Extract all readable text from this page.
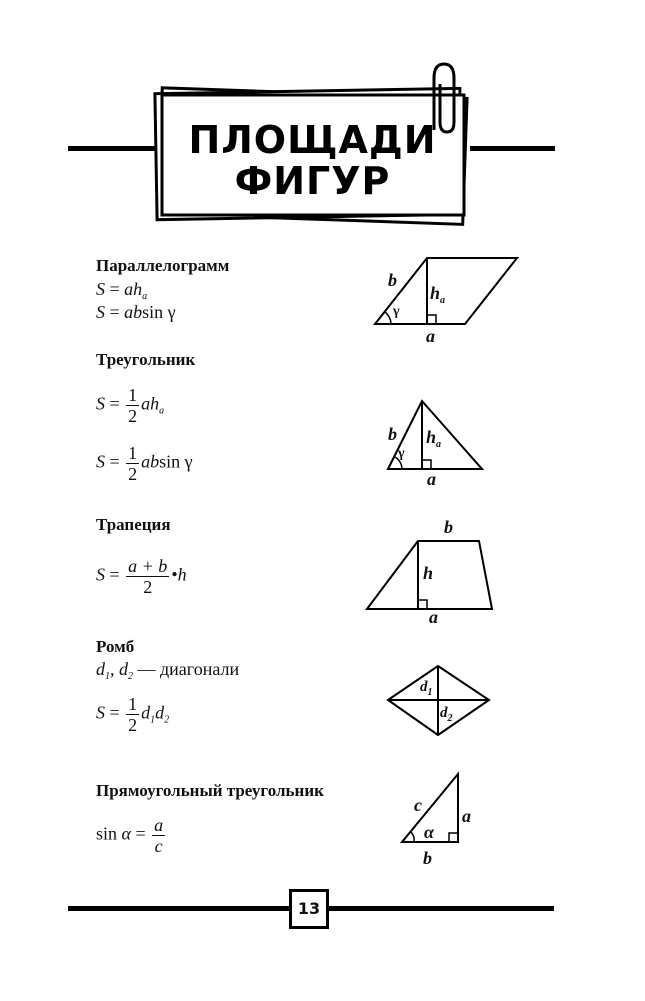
ПЛОЩАДИ
ФИГУР
Параллелограмм
$S = ah_a$
S = absin γ
b
$h_a$
γ
a
Треугольник
$S = \frac{1}{2} ah_a$
$S = \frac{1}{2}$ absin γ
b $h_a$
γ
a
Трапеция
$S = \frac{a + b}{2}$ •h
b
h
a
Ромб
$d_1$, $d_2$ — диагонали
$S = \frac{1}{2} d_1d_2$
$d_1$
$d_2$
Прямоугольный треугольник
$\sin \alpha = \frac{a}{c}$
c
α
a
b
13
